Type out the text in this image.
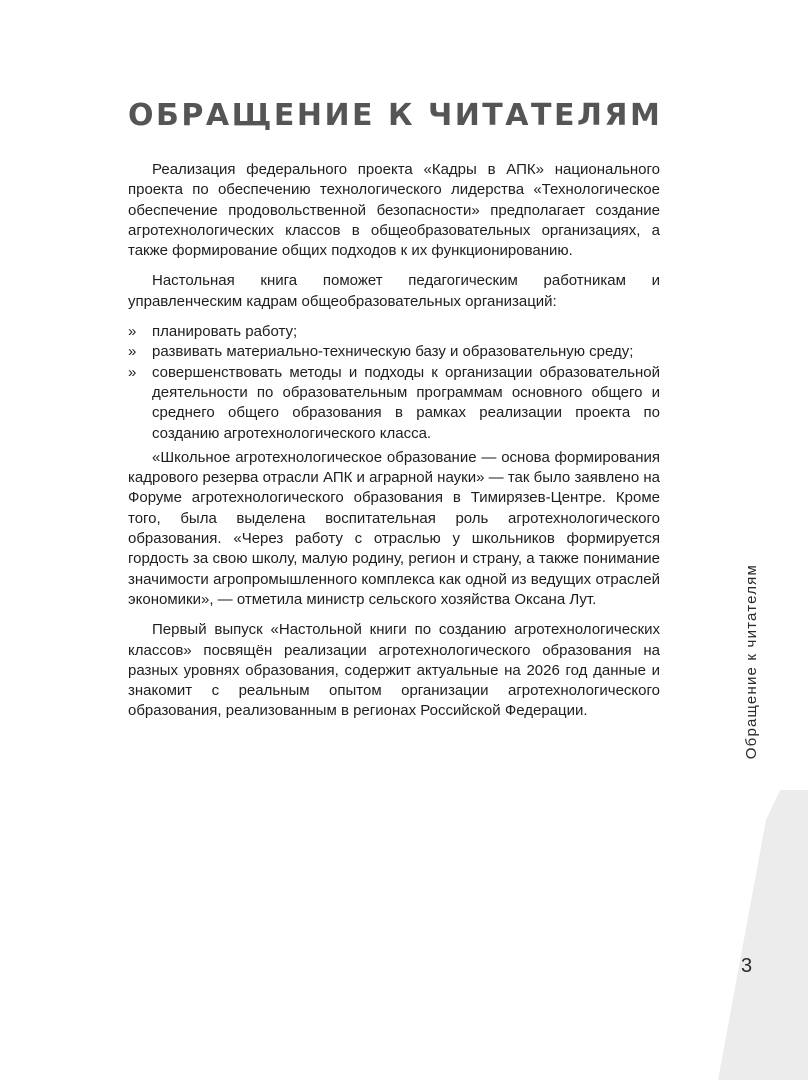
ОБРАЩЕНИЕ К ЧИТАТЕЛЯМ

Реализация федерального проекта «Кадры в АПК» национального проекта по обеспечению технологического лидерства «Технологическое обеспечение продовольственной безопасности» предполагает создание агротехнологических классов в общеобразовательных организациях, а также формирование общих подходов к их функционированию.

Настольная книга поможет педагогическим работникам и управленческим кадрам общеобразовательных организаций:

» планировать работу;
» развивать материально-техническую базу и образовательную среду;
» совершенствовать методы и подходы к организации образовательной деятельности по образовательным программам основного общего и среднего общего образования в рамках реализации проекта по созданию агротехнологического класса.

«Школьное агротехнологическое образование — основа формирования кадрового резерва отрасли АПК и аграрной науки» — так было заявлено на Форуме агротехнологического образования в Тимирязев-Центре. Кроме того, была выделена воспитательная роль агротехнологического образования. «Через работу с отраслью у школьников формируется гордость за свою школу, малую родину, регион и страну, а также понимание значимости агропромышленного комплекса как одной из ведущих отраслей экономики», — отметила министр сельского хозяйства Оксана Лут.

Первый выпуск «Настольной книги по созданию агротехнологических классов» посвящён реализации агротехнологического образования на разных уровнях образования, содержит актуальные на 2026 год данные и знакомит с реальным опытом организации агротехнологического образования, реализованным в регионах Российской Федерации.	Обращение к читателям
3
